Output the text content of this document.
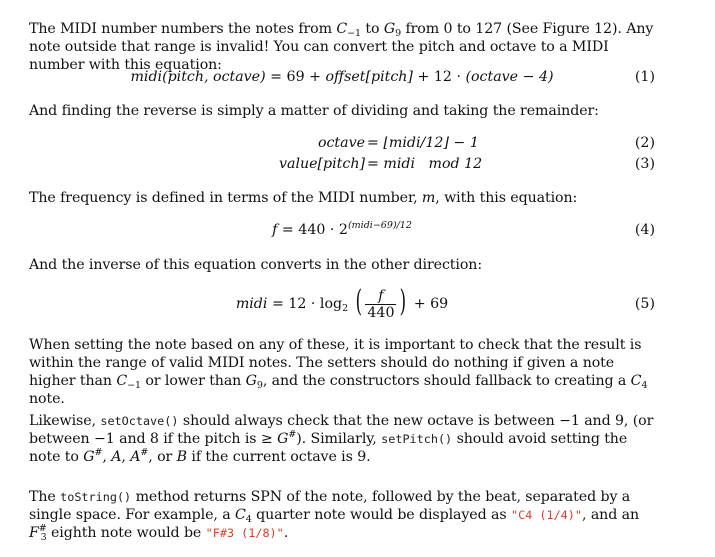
The MIDI number numbers the notes from $C_{-1}$ to $G_9$ from 0 to 127 (See Figure 12). Any note outside that range is invalid! You can convert the pitch and octave to a MIDI number with this equation:

midi(pitch, octave) = 69 + offset[pitch] + 12 · (octave − 4)	(1)

And finding the reverse is simply a matter of dividing and taking the remainder:

octave = ⌊midi/12⌋ − 1	(2)
value[pitch] = midi   mod 12	(3)

The frequency is defined in terms of the MIDI number, m, with this equation:

$f = 440 \cdot 2^{(midi-69)/12}$	(4)

And the inverse of this equation converts in the other direction:

midi = $12 \cdot \log_2$ ( $\frac{f}{440}$ ) + 69	(5)

When setting the note based on any of these, it is important to check that the result is within the range of valid MIDI notes. The setters should do nothing if given a note higher than $C_{-1}$ or lower than $G_9$, and the constructors should fallback to creating a $C_4$ note.

Likewise, setOctave() should always check that the new octave is between −1 and 9, (or between −1 and 8 if the pitch is ≥ G#). Similarly, setPitch() should avoid setting the note to G#, A, A#, or B if the current octave is 9.

The toString() method returns SPN of the note, followed by the beat, separated by a single space. For example, a $C_4$ quarter note would be displayed as "C4 (1/4)", and an $F^{\#}_3$ eighth note would be "F#3 (1/8)".
